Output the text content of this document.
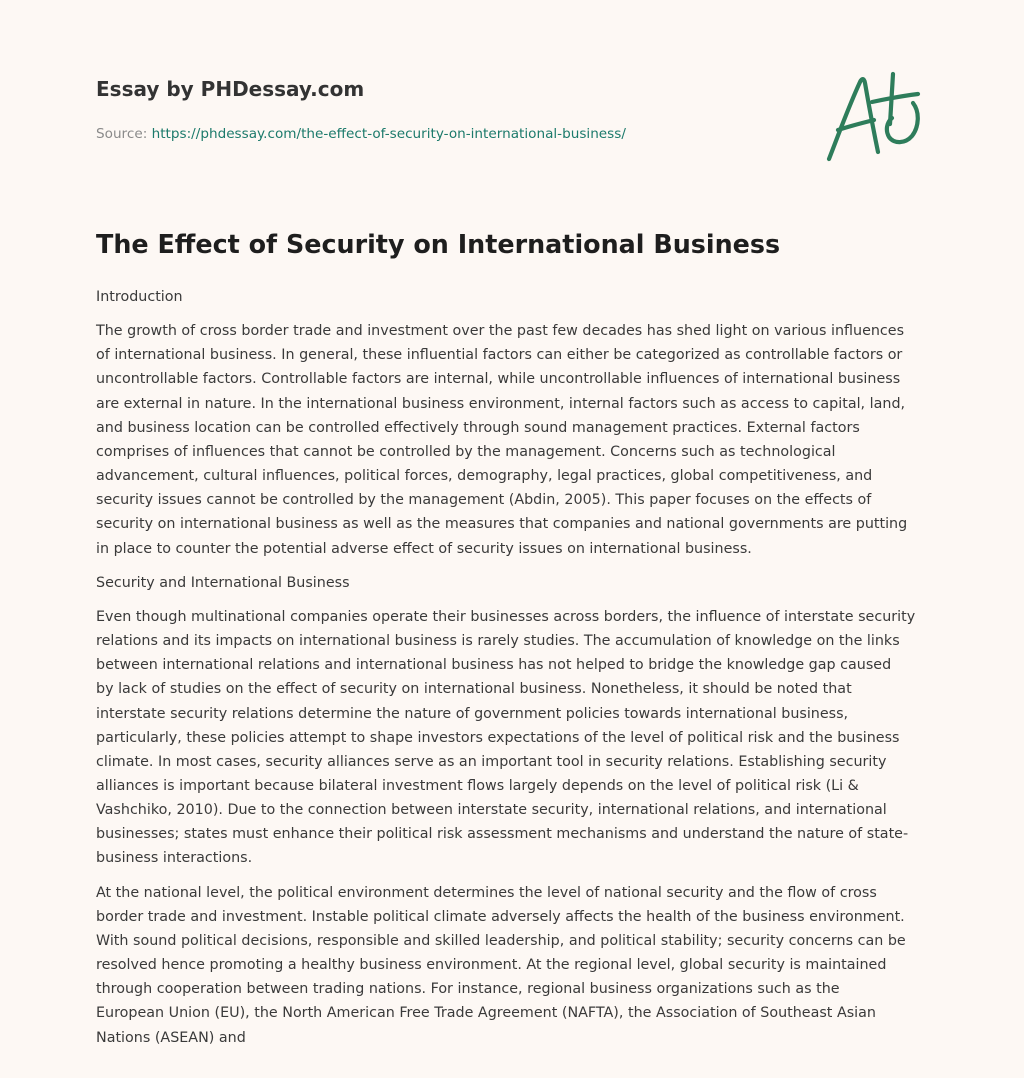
Essay by PHDessay.com

Source: https://phdessay.com/the-effect-of-security-on-international-business/
The Effect of Security on International Business

Introduction

The growth of cross border trade and investment over the past few decades has shed light on various influences
of international business. In general, these influential factors can either be categorized as controllable factors or
uncontrollable factors. Controllable factors are internal, while uncontrollable influences of international business
are external in nature. In the international business environment, internal factors such as access to capital, land,
and business location can be controlled effectively through sound management practices. External factors
comprises of influences that cannot be controlled by the management. Concerns such as technological
advancement, cultural influences, political forces, demography, legal practices, global competitiveness, and
security issues cannot be controlled by the management (Abdin, 2005). This paper focuses on the effects of
security on international business as well as the measures that companies and national governments are putting
in place to counter the potential adverse effect of security issues on international business.

Security and International Business

Even though multinational companies operate their businesses across borders, the influence of interstate security
relations and its impacts on international business is rarely studies. The accumulation of knowledge on the links
between international relations and international business has not helped to bridge the knowledge gap caused
by lack of studies on the effect of security on international business. Nonetheless, it should be noted that
interstate security relations determine the nature of government policies towards international business,
particularly, these policies attempt to shape investors expectations of the level of political risk and the business
climate. In most cases, security alliances serve as an important tool in security relations. Establishing security
alliances is important because bilateral investment flows largely depends on the level of political risk (Li &
Vashchiko, 2010). Due to the connection between interstate security, international relations, and international
businesses; states must enhance their political risk assessment mechanisms and understand the nature of state-
business interactions.

At the national level, the political environment determines the level of national security and the flow of cross
border trade and investment. Instable political climate adversely affects the health of the business environment.
With sound political decisions, responsible and skilled leadership, and political stability; security concerns can be
resolved hence promoting a healthy business environment. At the regional level, global security is maintained
through cooperation between trading nations. For instance, regional business organizations such as the
European Union (EU), the North American Free Trade Agreement (NAFTA), the Association of Southeast Asian
Nations (ASEAN) and
